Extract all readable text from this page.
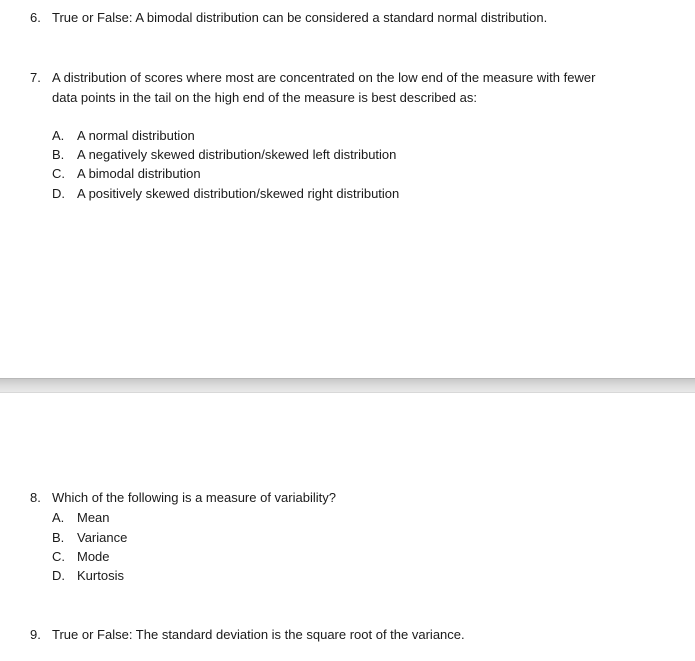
6. True or False: A bimodal distribution can be considered a standard normal distribution.
7. A distribution of scores where most are concentrated on the low end of the measure with fewer
data points in the tail on the high end of the measure is best described as:
A. A normal distribution
B. A negatively skewed distribution/skewed left distribution
C. A bimodal distribution
D. A positively skewed distribution/skewed right distribution
8. Which of the following is a measure of variability?
A. Mean
B. Variance
C. Mode
D. Kurtosis
9. True or False: The standard deviation is the square root of the variance.
